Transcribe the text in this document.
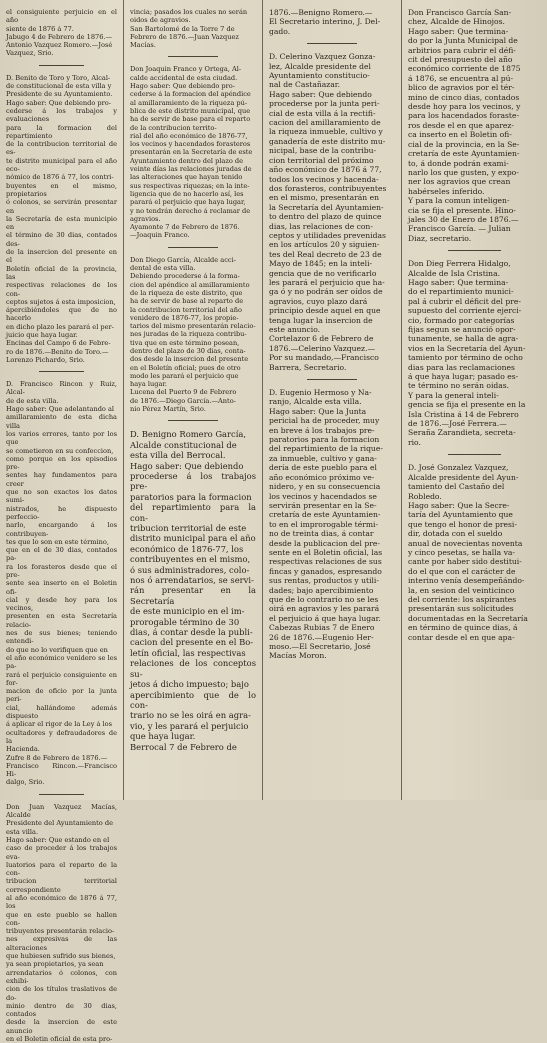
el consiguiente perjuicio en el año
siente de 1876 á 77.
Jabugo 4 de Febrero de 1876.—
Antonio Vazquez Romero.—José
Vazquez, Srio.
D. Benito de Toro y Toro, Alcal-
de constitucional de esta villa y
Presidente de su Ayuntamiento.
Hago saber: Que debiendo pro-
cederse á los trabajos y evaluaciones
para la formacion del repartimiento
de la contribucion territorial de es-
te distrito municipal para el año eco-
nómico de 1876 á 77, los contri-
buyentes en el mismo, propietarios
ó colonos, se servirán presentar en
la Secretaría de esta municipio en
el término de 30 dias, contados des-
de la insercion del presente en el
Boletín oficial de la provincia, las
respectivas relaciones de los con-
ceptos sujetos á esta imposicion,
ápercibiéndoles que de no hacerlo
en dicho plazo les parará el per-
juicio que haya lugar.
Encinas del Campo 6 de Febre-
ro de 1876.—Benito de Toro.—
Lorenzo Pichardo, Srio.
D. Francisco Rincon y Ruiz, Alcal-
de de esta villa.
Hago saber: Que adelantando al
amillaramiento de esta dicha villa
los varios errores, tanto por los que
se cometieron en su confeccion,
como porque en los episodios pre-
sentes hay fundamentos para creer
que no son exactos los datos sumi-
nistrados, he dispuesto perfeccio-
narlo, encargando á los contribuyen-
tes que lo son en este término,
que en el de 30 dias, contados pa-
ra los forasteros desde que el pre-
sente sea inserto en el Boletin ofi-
cial y desde hoy para los vecinos,
presenten en esta Secretaría relacio-
nes de sus bienes; teniendo entendi-
do que no lo verifiquen que en
el año económico venidero se les pa-
rará el perjuicio consiguiente en for-
macion de oficio por la junta peri-
cial, hallándome además dispuesto
á aplicar el rigor de la Ley á los
ocultadores y defraudadores de la
Hacienda.
Zufre 8 de Febrero de 1876.—
Francisco Rincon.—Francisco Hi-
dalgo, Srio.
Don Juan Vazquez Macías, Alcalde
Presidente del Ayuntamiento de
esta villa.
Hago saber: Que estando en el
caso de proceder á los trabajos eva-
luatorios para el reparto de la con-
tribucion territorial correspondiente
al año económico de 1876 á 77, los
que en este pueblo se hallen con-
tribuyentes presentarán relacio-
nes expresivas de las alteraciones
que hubiesen sufrido sus bienes,
ya sean propietarios, ya sean
arrendatarios ó colonos, con exhibi-
cion de los títulos traslativos de do-
minio dentro de 30 dias, contados
desde la insercion de este anuncio
en el Boletin oficial de esta pro-
vincia; pasados los cuales no serán
oidos de agravios.
San Bartolomé de la Torre 7 de
Febrero de 1876.—Juan Vazquez
Macías.
Don Joaquin Franco y Ortega, Al-
calde accidental de esta ciudad.
Hago saber: Que debiendo pro-
cederse á la formacion del apéndice
al amillaramiento de la riqueza pú-
blica de este distrito municipal, que
ha de servir de base para el reparto
de la contribucion territo-
rial del año económico de 1876-77,
los vecinos y hacendados forasteros
presentarán en la Secretaría de este
Ayuntamiento dentro del plazo de
veinte días las relaciones juradas de
las alteraciones que hayan tenido
sus respectivas riquezas; en la inte-
ligencia que de no hacerlo así, les
parará el perjuicio que haya lugar,
y no tendrán derecho á reclamar de
agravios.
Ayamonte 7 de Febrero de 1876.
—Joaquin Franco.
Don Diego García, Alcalde acci-
dental de esta villa.
Debiendo procederse á la forma-
cion del apéndice al amillaramiento
de la riqueza de este distrito, que
ha de servir de base al reparto de
la contribucion territorial del año
venidero de 1876-77, los propie-
tarios del mismo presentarán relacio-
nes juradas de la riqueza contribu-
tiva que en este término posean,
dentro del plazo de 30 dias, conta-
dos desde la insercion del presente
en el Boletín oficial; pues de otro
modo les parará el perjuicio que
haya lugar.
Lucena del Puerto 9 de Febrero
de 1876.—Diego García.—Anto-
nio Pérez Martín, Srio.
D. Benigno Romero García,
Alcalde constitucional de
esta villa del Berrocal.
Hago saber: Que debiendo
procederse á los trabajos pre-
paratorios para la formacion
del repartimiento para la con-
tribucion territorial de este
distrito municipal para el año
económico de 1876-77, los
contribuyentes en el mismo,
ó sus administradores, colo-
nos ó arrendatarios, se servi-
rán presentar en la Secretaría
de este municipio en el im-
prorogable término de 30
dias, á contar desde la publi-
cacion del presente en el Bo-
letín oficial, las respectivas
relaciones de los conceptos su-
jetos á dicho impuesto; bajo
apercibimiento que de lo con-
trario no se les oirá en agra-
vio, y les parará el perjuicio
que haya lugar.
Berrocal 7 de Febrero de
1876.—Benigno Romero.—
El Secretario interino, J. Del-
gado.
D. Celerino Vazquez Gonza-
lez, Alcalde presidente del
Ayuntamiento constitucio-
nal de Castañazar.
Hago saber: Que debiendo
procederse por la junta peri-
cial de esta villa á la rectifi-
cacion del amillaramiento de
la riqueza inmueble, cultivo y
ganadería de este distrito mu-
nicipal, base de la contribu-
cion territorial del próximo
año económico de 1876 á 77,
todos los vecinos y hacenda-
dos forasteros, contribuyentes
en el mismo, presentarán en
la Secretaría del Ayuntamien-
to dentro del plazo de quince
dias, las relaciones de con-
ceptos y utilidades prevenidas
en los artículos 20 y siguien-
tes del Real decreto de 23 de
Mayo de 1845; en la inteli-
gencia que de no verificarlo
les parará el perjuicio que ha-
ga ó y no podrán ser oídos de
agravios, cuyo plazo dará
principio desde aquel en que
tenga lugar la insercion de
este anuncio.
Cortelazor 6 de Febrero de
1876.—Celerino Vazquez.—
Por su mandado,—Francisco
Barrera, Secretario.
D. Eugenio Hermoso y Na-
ranjo, Alcalde esta villa.
Hago saber: Que la Junta
pericial ha de proceder, muy
en breve á los trabajos pre-
paratorios para la formacion
del repartimiento de la rique-
za inmueble, cultivo y gana-
dería de este pueblo para el
año económico próximo ve-
nidero, y en su consecuencia
los vecinos y hacendados se
servirán presentar en la Se-
cretaría de este Ayuntamien-
to en el improrogable térmi-
no de treinta dias, á contar
desde la publicacion del pre-
sente en el Boletin oficial, las
respectivas relaciones de sus
fincas y ganados, espresando
sus rentas, productos y utili-
dades; bajo apercibimiento
que de lo contrario no se les
oirá en agravios y les parará
el perjuicio á que haya lugar.
Cabezas Rubias 7 de Enero
26 de 1876.—Eugenio Her-
moso.—El Secretario, José
Macías Moron.
Don Francisco García San-
chez, Alcalde de Hinojos.
Hago saber: Que termina-
do por la Junta Municipal de
arbitrios para cubrir el défi-
cit del presupuesto del año
económico corriente de 1875
á 1876, se encuentra al pú-
blico de agravios por el tér-
mino de cinco dias, contados
desde hoy para los vecinos, y
para los hacendados foraste-
ros desde el en que aparez-
ca inserto en el Boletin ofi-
cial de la provincia, en la Se-
cretaría de este Ayuntamien-
to, á donde podrán exami-
narlo los que gusten, y expo-
ner los agravios que crean
habérseles inferido.
Y para la comun inteligen-
cia se fija el presente. Hino-
jales 30 de Enero de 1876.—
Francisco García. — Julian
Diaz, secretario.
Don Dieg Ferrera Hidalgo,
Alcalde de Isla Cristina.
Hago saber: Que termina-
do el repartimiento munici-
pal á cubrir el déficit del pre-
supuesto del corriente ejerci-
cio, formado por categorías
fijas segun se anunció opor-
tunamente, se halla de agra-
vios en la Secretaría del Ayun-
tamiento por término de ocho
dias para las reclamaciones
á que haya lugar; pasado es-
te término no serán oidas.
Y para la general inteli-
gencia se fija el presente en la
Isla Cristina á 14 de Febrero
de 1876.—José Ferrera.—
Seraña Zarandieta, secreta-
rio.
D. José Gonzalez Vazquez,
Alcalde presidente del Ayun-
tamiento del Castaño del
Robledo.
Hago saber: Que la Secre-
taría del Ayuntamiento que
que tengo el honor de presi-
dir, dotada con el sueldo
anual de novecientas noventa
y cinco pesetas, se halla va-
cante por haber sido destitui-
do el que con el carácter de
interino venía desempeñándo-
la, en sesion del veinticinco
del corriente: los aspirantes
presentarán sus solicitudes
documentadas en la Secretaría
en término de quince dias, á
contar desde el en que apa-
